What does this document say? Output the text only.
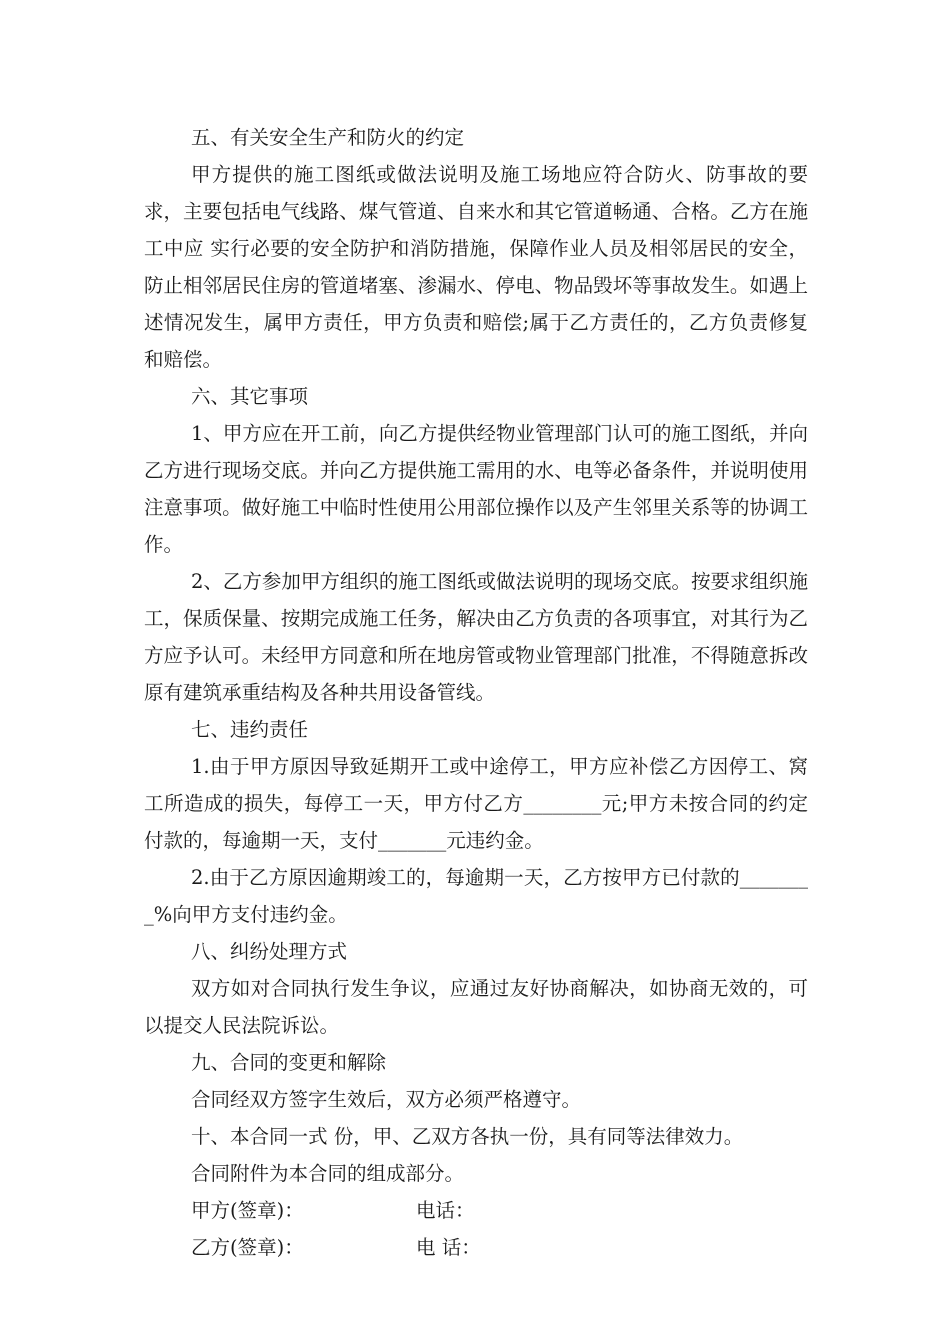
五、有关安全生产和防火的约定

甲方提供的施工图纸或做法说明及施工场地应符合防火、防事故的要求，主要包括电气线路、煤气管道、自来水和其它管道畅通、合格。乙方在施工中应 实行必要的安全防护和消防措施，保障作业人员及相邻居民的安全，防止相邻居民住房的管道堵塞、渗漏水、停电、物品毁坏等事故发生。如遇上述情况发生，属甲方责任，甲方负责和赔偿;属于乙方责任的，乙方负责修复和赔偿。

六、其它事项

1、甲方应在开工前，向乙方提供经物业管理部门认可的施工图纸，并向乙方进行现场交底。并向乙方提供施工需用的水、电等必备条件，并说明使用注意事项。做好施工中临时性使用公用部位操作以及产生邻里关系等的协调工作。

2、乙方参加甲方组织的施工图纸或做法说明的现场交底。按要求组织施工，保质保量、按期完成施工任务，解决由乙方负责的各项事宜，对其行为乙方应予认可。未经甲方同意和所在地房管或物业管理部门批准，不得随意拆改原有建筑承重结构及各种共用设备管线。

七、违约责任

1.由于甲方原因导致延期开工或中途停工，甲方应补偿乙方因停工、窝工所造成的损失，每停工一天，甲方付乙方________元;甲方未按合同的约定付款的，每逾期一天，支付_______元违约金。

2.由于乙方原因逾期竣工的，每逾期一天，乙方按甲方已付款的________%向甲方支付违约金。

八、纠纷处理方式

双方如对合同执行发生争议，应通过友好协商解决，如协商无效的，可以提交人民法院诉讼。

九、合同的变更和解除

合同经双方签字生效后，双方必须严格遵守。

十、本合同一式 份，甲、乙双方各执一份，具有同等法律效力。

合同附件为本合同的组成部分。

甲方(签章)：	电话：
乙方(签章)：	电 话：
